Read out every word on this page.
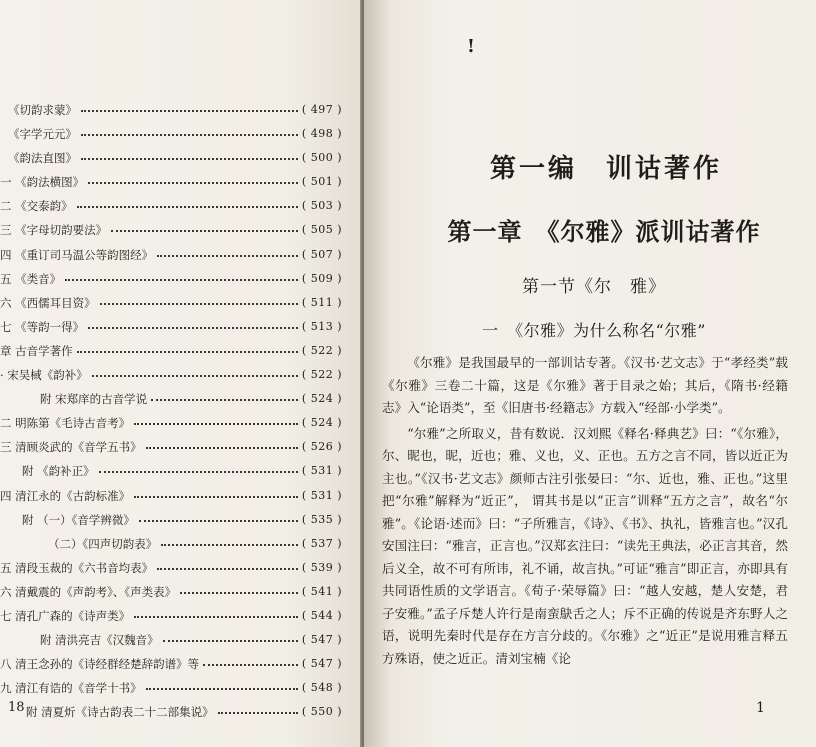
《切韵求蒙》	( 497 )
《字学元元》	( 498 )
《韵法直图》	( 500 )
一 《韵法横图》	( 501 )
二 《交泰韵》	( 503 )
三 《字母切韵要法》	( 505 )
四 《重订司马温公等韵图经》	( 507 )
五 《类音》	( 509 )
六 《西儒耳目资》	( 511 )
七 《等韵一得》	( 513 )
章 古音学著作	( 522 )
· 宋吴棫《韵补》	( 522 )
附 宋郑庠的古音学说	( 524 )
二 明陈第《毛诗古音考》	( 524 )
三 清顾炎武的《音学五书》	( 526 )
附 《韵补正》	( 531 )
四 清江永的《古韵标准》	( 531 )
附 （一）《音学辨微》	( 535 )
（二）《四声切韵表》	( 537 )
五 清段玉裁的《六书音均表》	( 539 )
六 清戴震的《声韵考》、《声类表》	( 541 )
七 清孔广森的《诗声类》	( 544 )
附 清洪亮吉《汉魏音》	( 547 )
八 清王念孙的《诗经群经楚辞韵谱》等	( 547 )
九 清江有诰的《音学十书》	( 548 )
附 清夏炘《诗古韵表二十二部集说》	( 550 )
18
!
第一编　训诂著作
第一章　《尔雅》派训诂著作
第一节《尔　雅》
一　《尔雅》为什么称名“尔雅”

《尔雅》是我国最早的一部训诂专著。《汉书·艺文志》于“孝经类”载《尔雅》三卷二十篇，这是《尔雅》著于目录之始；其后，《隋书·经籍志》入“论语类”，至《旧唐书·经籍志》方载入“经部·小学类”。

“尔雅”之所取义，昔有数说．汉刘熙《释名·释典艺》曰：“《尔雅》，尔、昵也，昵，近也；雅、义也，义、正也。五方之言不同，皆以近正为主也。”《汉书·艺文志》颜师古注引张晏曰：“尔、近也，雅、正也。”这里把“尔雅”解释为“近正”， 谓其书是以“正言”训释“五方之言”，故名“尔雅”。《论语·述而》曰：“子所雅言，《诗》、《书》、执礼，皆雅言也。”汉孔安国注曰：“雅言，正言也。”汉郑玄注曰：“读先王典法，必正言其音，然后义全，故不可有所讳，礼不诵，故言执。”可证“雅言”即正言，亦即具有共同语性质的文学语言。《荀子·荣辱篇》曰：“越人安越，楚人安楚，君子安雅。”孟子斥楚人许行是南蛮鴃舌之人；斥不正确的传说是齐东野人之语，说明先秦时代是存在方言分歧的。《尔雅》之“近正”是说用雅言释五方殊语，使之近正。清刘宝楠《论

1
